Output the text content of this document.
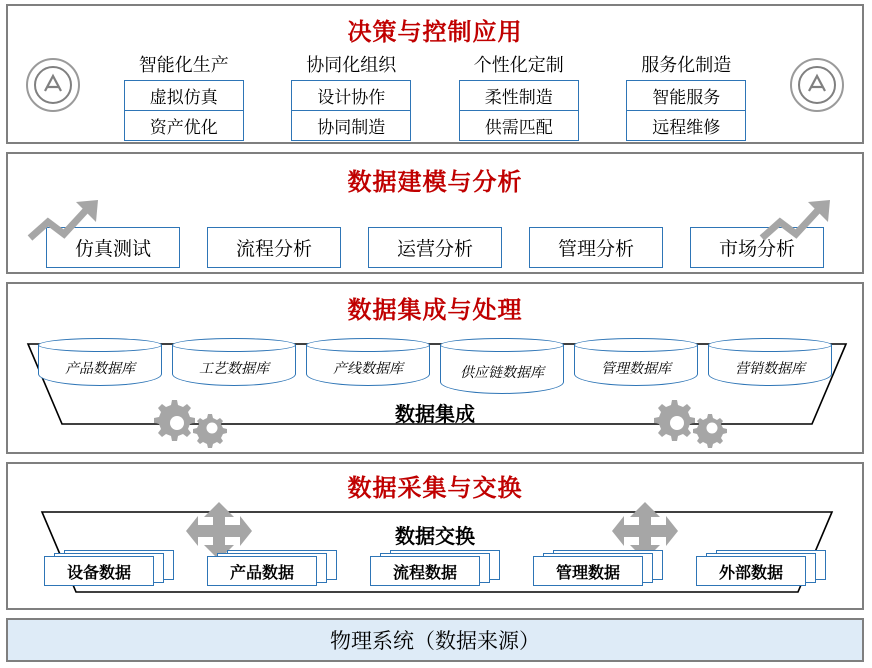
决策与控制应用
智能化生产
虚拟仿真
资产优化
协同化组织
设计协作
协同制造
个性化定制
柔性制造
供需匹配
服务化制造
智能服务
远程维修
数据建模与分析
仿真测试	流程分析	运营分析	管理分析	市场分析
数据集成与处理
产品数据库	工艺数据库	产线数据库	供应链数据库	管理数据库	营销数据库
数据集成
数据采集与交换
数据交换
设备数据	产品数据	流程数据	管理数据	外部数据
物理系统（数据来源）
